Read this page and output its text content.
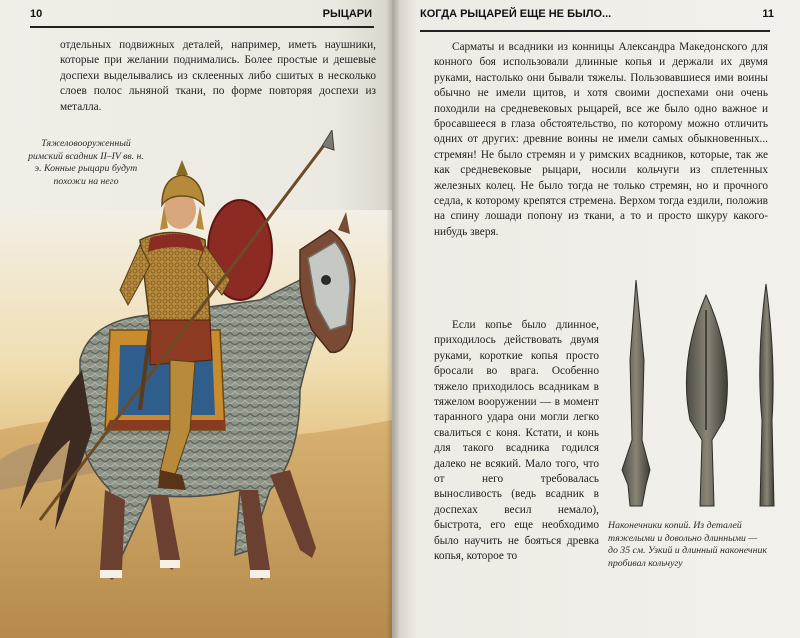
10	РЫЦАРИ

отдельных подвижных деталей, например, иметь наушники, которые при желании поднимались. Более простые и дешевые доспехи выделывались из склеенных либо сшитых в несколько слоев полос льняной ткани, по форме повторяя доспехи из металла.

Тяжеловооруженный римский всадник II–IV вв. н. э. Конные рыцари будут похожи на него
КОГДА РЫЦАРЕЙ ЕЩЕ НЕ БЫЛО...	11

Сарматы и всадники из конницы Александра Македонского для конного боя использовали длинные копья и держали их двумя руками, настолько они бывали тяжелы. Пользовавшиеся ими воины обычно не имели щитов, и хотя своими доспехами они очень походили на средневековых рыцарей, все же было одно важное и бросавшееся в глаза обстоятельство, по которому можно отличить одних от других: древние воины не имели самых обыкновенных... стремян! Не было стремян и у римских всадников, которые, так же как средневековые рыцари, носили кольчуги из сплетенных железных колец. Не было тогда не только стремян, но и прочного седла, к которому крепятся стремена. Верхом тогда ездили, положив на спину лошади попону из ткани, а то и просто шкуру какого-нибудь зверя.

Если копье было длинное, приходилось действовать двумя руками, короткие копья просто бросали во врага. Особенно тяжело приходилось всадникам в тяжелом вооружении — в момент таранного удара они могли легко свалиться с коня. Кстати, и конь для такого всадника годился далеко не всякий. Мало того, что от него требовалась выносливость (ведь всадник в доспехах весил немало), быстрота, его еще необходимо было научить не бояться древка копья, которое то

Наконечники копий. Из деталей тяжелыми и довольно длинными — до 35 см. Узкий и длинный наконечник пробивал кольчугу
